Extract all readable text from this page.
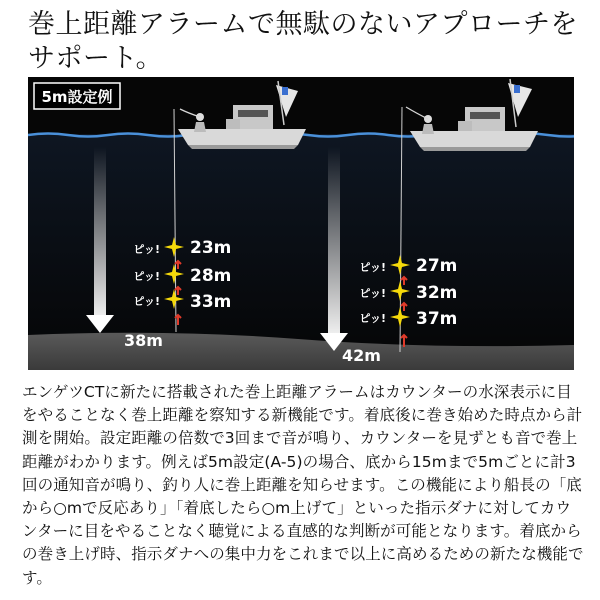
巻上距離アラームで無駄のないアプローチをサポート。
5m設定例
ピッ! 23m
ピッ! 28m
ピッ! 33m
ピッ! 27m
ピッ! 32m
ピッ! 37m
38m
42m

エンゲツCTに新たに搭載された巻上距離アラームはカウンターの水深表示に目をやることなく巻上距離を察知する新機能です。着底後に巻き始めた時点から計測を開始。設定距離の倍数で3回まで音が鳴り、カウンターを見ずとも音で巻上距離がわかります。例えば5m設定(A-5)の場合、底から15mまで5mごとに計3回の通知音が鳴り、釣り人に巻上距離を知らせます。この機能により船長の「底から○mで反応あり」「着底したら○m上げて」といった指示ダナに対してカウンターに目をやることなく聴覚による直感的な判断が可能となります。着底からの巻き上げ時、指示ダナへの集中力をこれまで以上に高めるための新たな機能です。
